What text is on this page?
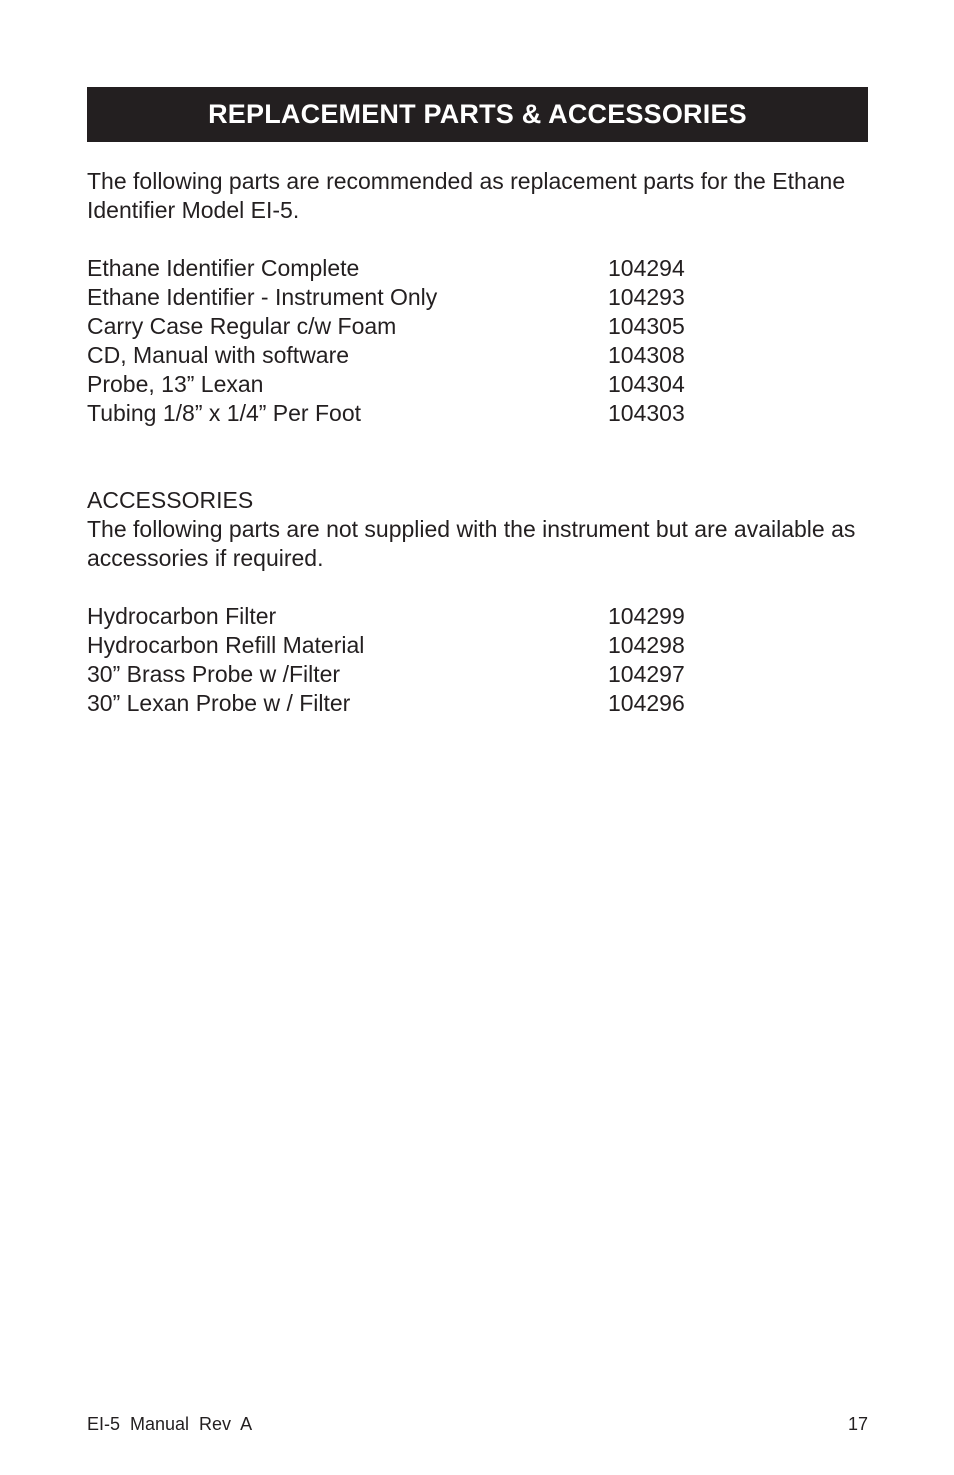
REPLACEMENT PARTS & ACCESSORIES

The following parts are recommended as replacement parts for the Ethane Identifier Model EI-5.

Ethane Identifier Complete	104294
Ethane Identifier - Instrument Only	104293
Carry Case Regular c/w Foam	104305
CD, Manual with software	104308
Probe, 13” Lexan	104304
Tubing 1/8” x 1/4” Per Foot	104303
ACCESSORIES

The following parts are not supplied with the instrument but are available as accessories if required.

Hydrocarbon Filter	104299
Hydrocarbon Refill Material	104298
30” Brass Probe w /Filter	104297
30” Lexan Probe w / Filter	104296
EI-5  Manual  Rev  A	17
